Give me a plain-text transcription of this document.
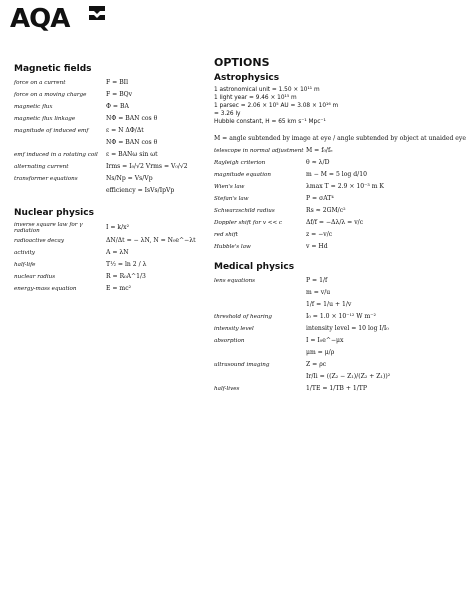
AQA
Magnetic fields
force on a current	F = BIl
force on a moving charge	F = BQv
magnetic flux	Φ = BA
magnetic flux linkage	NΦ = BAN cos θ
magnitude of induced emf	ε = N ΔΦ/Δt
NΦ = BAN cos θ
emf induced in a rotating coil	ε = BANω sin ωt
alternating current	Irms = I₀/√2 Vrms = V₀/√2
transformer equations	Ns/Np = Vs/Vp
efficiency = IsVs/IpVp
Nuclear physics
inverse square law for γ radiation
I = k/x²
radioactive decay	ΔN/Δt = − λN, N = N₀e^−λt
activity	A = λN
half-life	T½ = ln 2 / λ
nuclear radius	R = R₀A^1/3
energy-mass equation	E = mc²
OPTIONS
Astrophysics
1 astronomical unit = 1.50 × 10¹¹ m
1 light year = 9.46 × 10¹⁵ m
1 parsec = 2.06 × 10⁵ AU = 3.08 × 10¹⁶ m
= 3.26 ly
Hubble constant, H = 65 km s⁻¹ Mpc⁻¹
M = angle subtended by image at eye / angle subtended by object at unaided eye
telescope in normal adjustment M = f₀/fₑ
Rayleigh criterion	θ ≈ λ/D
magnitude equation	m − M = 5 log d/10
Wien's law	λmax T = 2.9 × 10⁻³ m K
Stefan's law	P = σAT⁴
Schwarzschild radius	Rs ≈ 2GM/c²
Doppler shift for v << c	Δf/f = −Δλ/λ = v/c
red shift	z = −v/c
Hubble's law	v = Hd
Medical physics
lens equations	P = 1/f
m = v/u
1/f = 1/u + 1/v
threshold of hearing	I₀ = 1.0 × 10⁻¹² W m⁻²
intensity level	intensity level = 10 log I/I₀
absorption	I = I₀e^−μx
μm = μ/ρ
ultrasound imaging	Z = ρc
Ir/Ii = ((Z₂ − Z₁)/(Z₂ + Z₁))²
half-lives	1/TE = 1/TB + 1/TP
